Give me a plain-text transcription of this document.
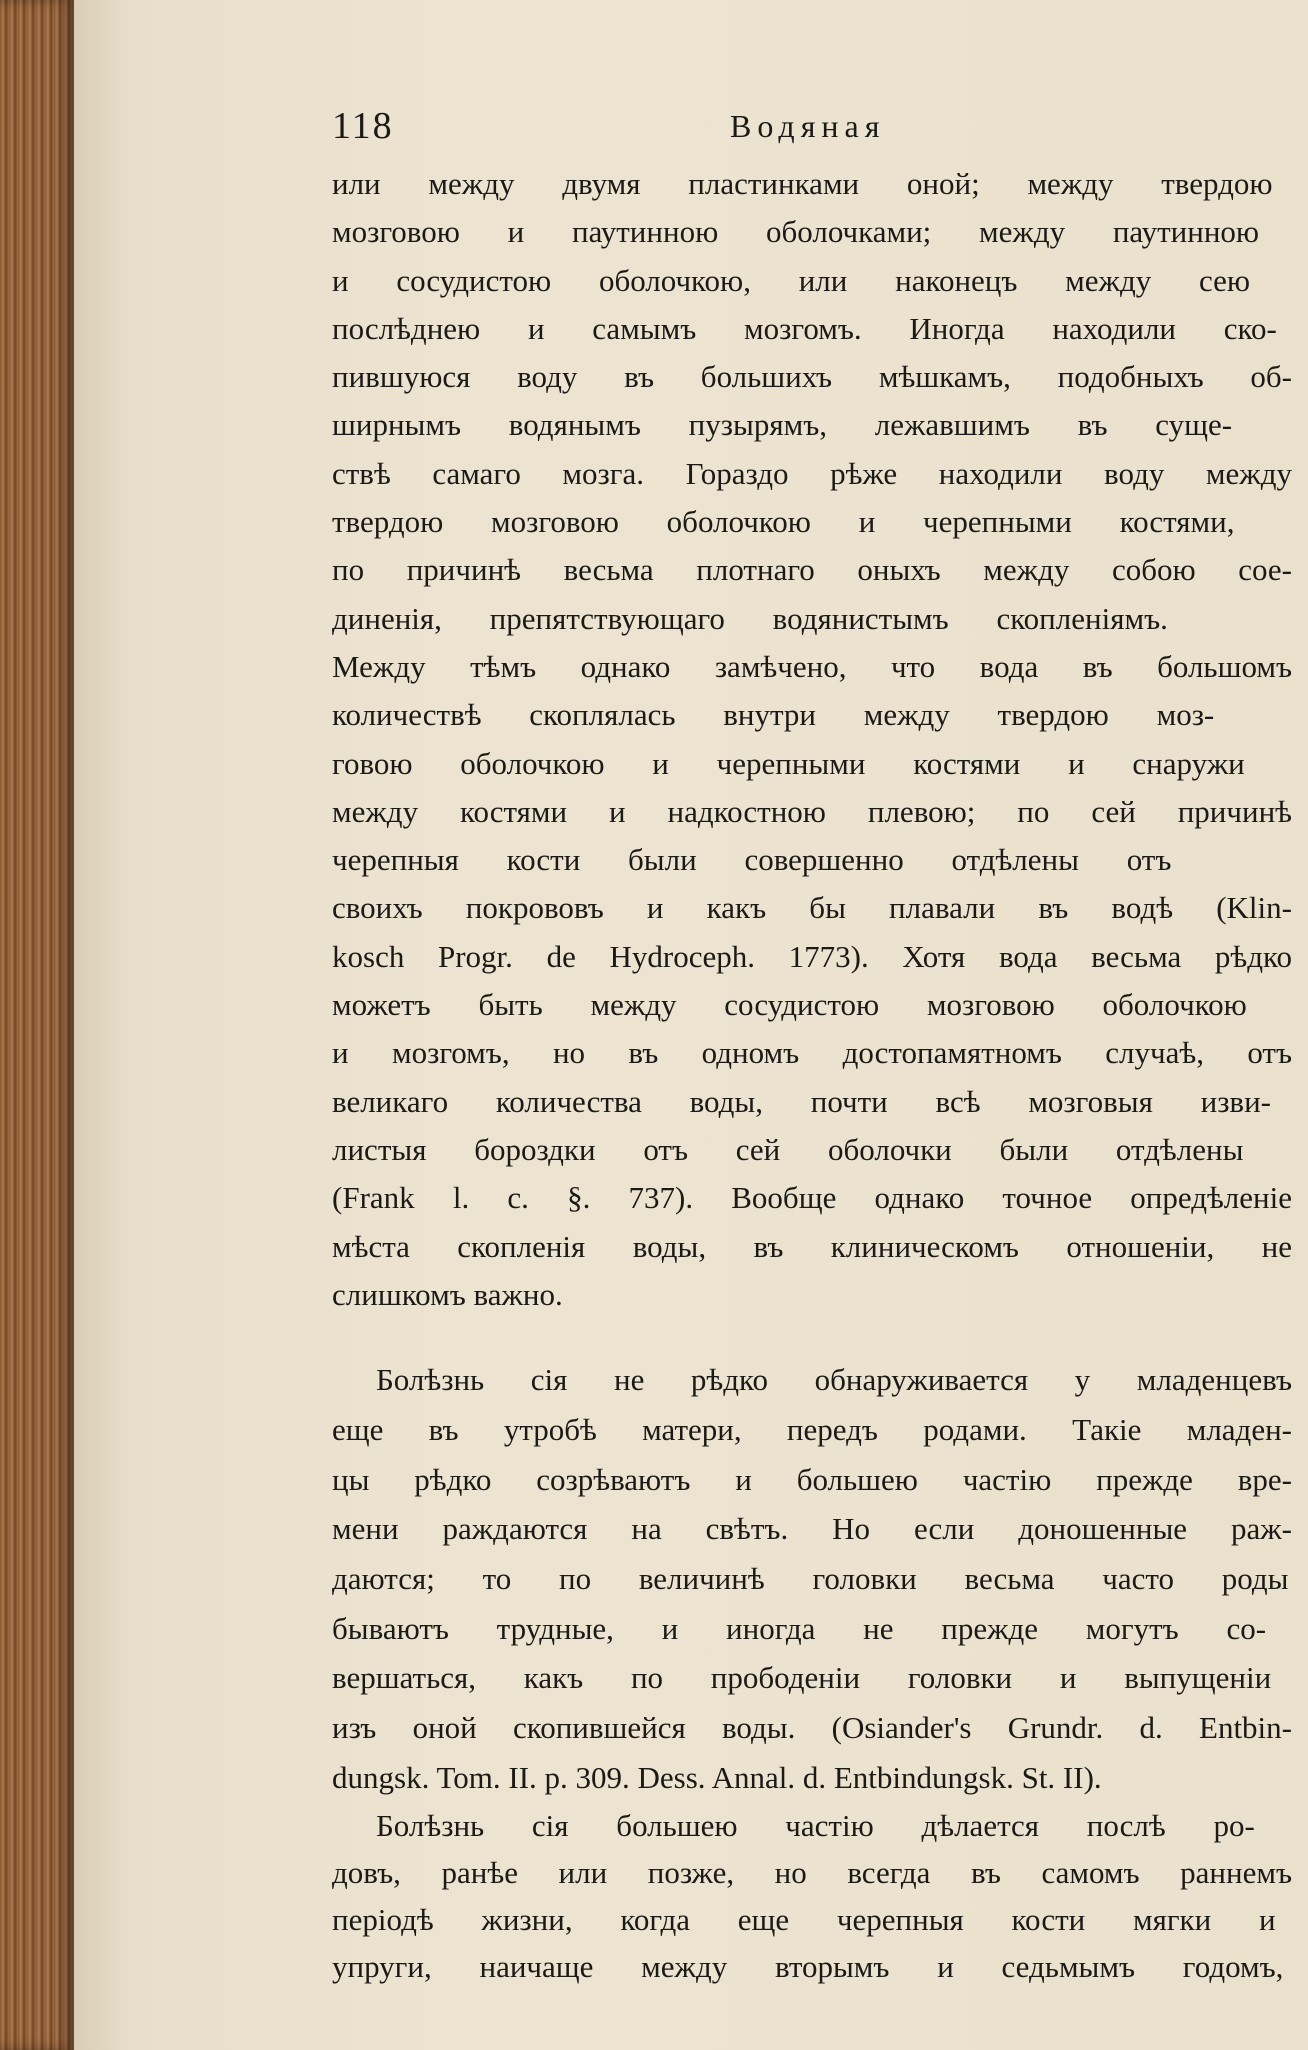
118	Водяная
или между двумя пластинками оной; между твердою
мозговою и паутинною оболочками; между паутинною
и сосудистою оболочкою, или наконецъ между сею
послѣднею и самымъ мозгомъ. Иногда находили ско-
пившуюся воду въ большихъ мѣшкамъ, подобныхъ об-
ширнымъ водянымъ пузырямъ, лежавшимъ въ суще-
ствѣ самаго мозга. Гораздо рѣже находили воду между
твердою мозговою оболочкою и черепными костями,
по причинѣ весьма плотнаго оныхъ между собою сое-
диненія, препятствующаго водянистымъ скопленіямъ.
Между тѣмъ однако замѣчено, что вода въ большомъ
количествѣ скоплялась внутри между твердою моз-
говою оболочкою и черепными костями и снаружи
между костями и надкостною плевою; по сей причинѣ
черепныя кости были совершенно отдѣлены отъ
своихъ покрововъ и какъ бы плавали въ водѣ (Klin-
kosch Progr. de Hydroceph. 1773). Хотя вода весьма рѣдко
можетъ быть между сосудистою мозговою оболочкою
и мозгомъ, но въ одномъ достопамятномъ случаѣ, отъ
великаго количества воды, почти всѣ мозговыя изви-
листыя бороздки отъ сей оболочки были отдѣлены
(Frank l. c. §. 737). Вообще однако точное опредѣленіе
мѣста скопленія воды, въ клиническомъ отношеніи, не
слишкомъ важно.
Болѣзнь сія не рѣдко обнаруживается у младенцевъ
еще въ утробѣ матери, передъ родами. Такіе младен-
цы рѣдко созрѣваютъ и большею частію прежде вре-
мени раждаются на свѣтъ. Но если доношенные раж-
даются; то по величинѣ головки весьма часто роды
бываютъ трудные, и иногда не прежде могутъ со-
вершаться, какъ по прободеніи головки и выпущеніи
изъ оной скопившейся воды. (Osiander's Grundr. d. Entbin-
dungsk. Tom. II. p. 309. Dess. Annal. d. Entbindungsk. St. II).
Болѣзнь сія большею частію дѣлается послѣ ро-
довъ, ранѣе или позже, но всегда въ самомъ раннемъ
періодѣ жизни, когда еще черепныя кости мягки и
упруги, наичаще между вторымъ и седьмымъ годомъ,
